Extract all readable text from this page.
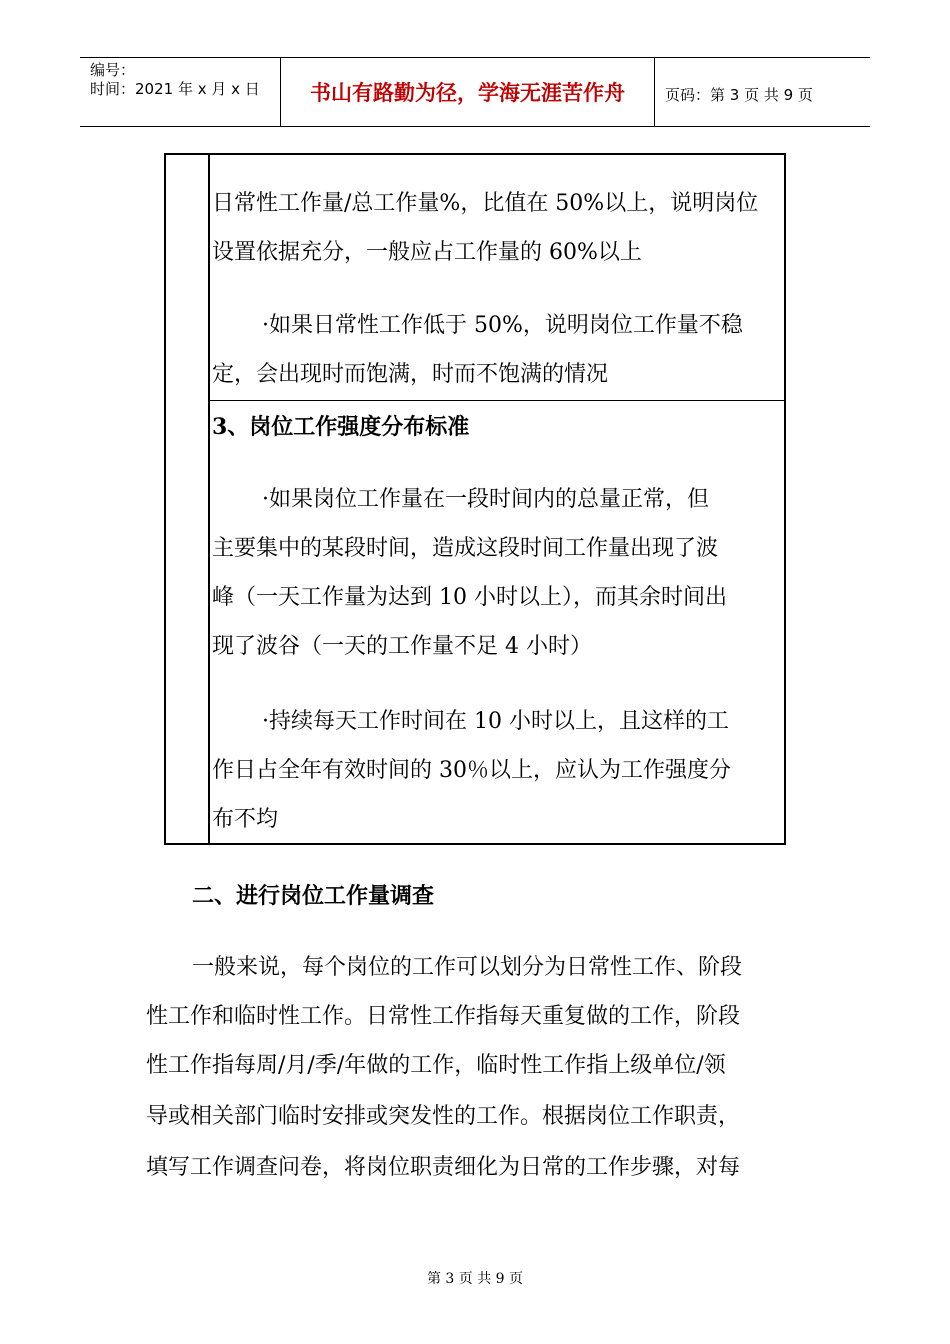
编号：
时间：2021 年 x 月 x 日	书山有路勤为径，学海无涯苦作舟	页码：第 3 页 共 9 页
日常性工作量/总工作量%，比值在 50%以上，说明岗位
设置依据充分，一般应占工作量的 60%以上
·如果日常性工作低于 50%，说明岗位工作量不稳
定，会出现时而饱满，时而不饱满的情况
3、岗位工作强度分布标准
·如果岗位工作量在一段时间内的总量正常，但
主要集中的某段时间，造成这段时间工作量出现了波
峰（一天工作量为达到 10 小时以上），而其余时间出
现了波谷（一天的工作量不足 4 小时）
·持续每天工作时间在 10 小时以上，且这样的工
作日占全年有效时间的 30％以上，应认为工作强度分
布不均
二、进行岗位工作量调查
一般来说，每个岗位的工作可以划分为日常性工作、阶段
性工作和临时性工作。日常性工作指每天重复做的工作，阶段
性工作指每周/月/季/年做的工作，临时性工作指上级单位/领
导或相关部门临时安排或突发性的工作。根据岗位工作职责，
填写工作调查问卷，将岗位职责细化为日常的工作步骤，对每
第 3 页 共 9 页
